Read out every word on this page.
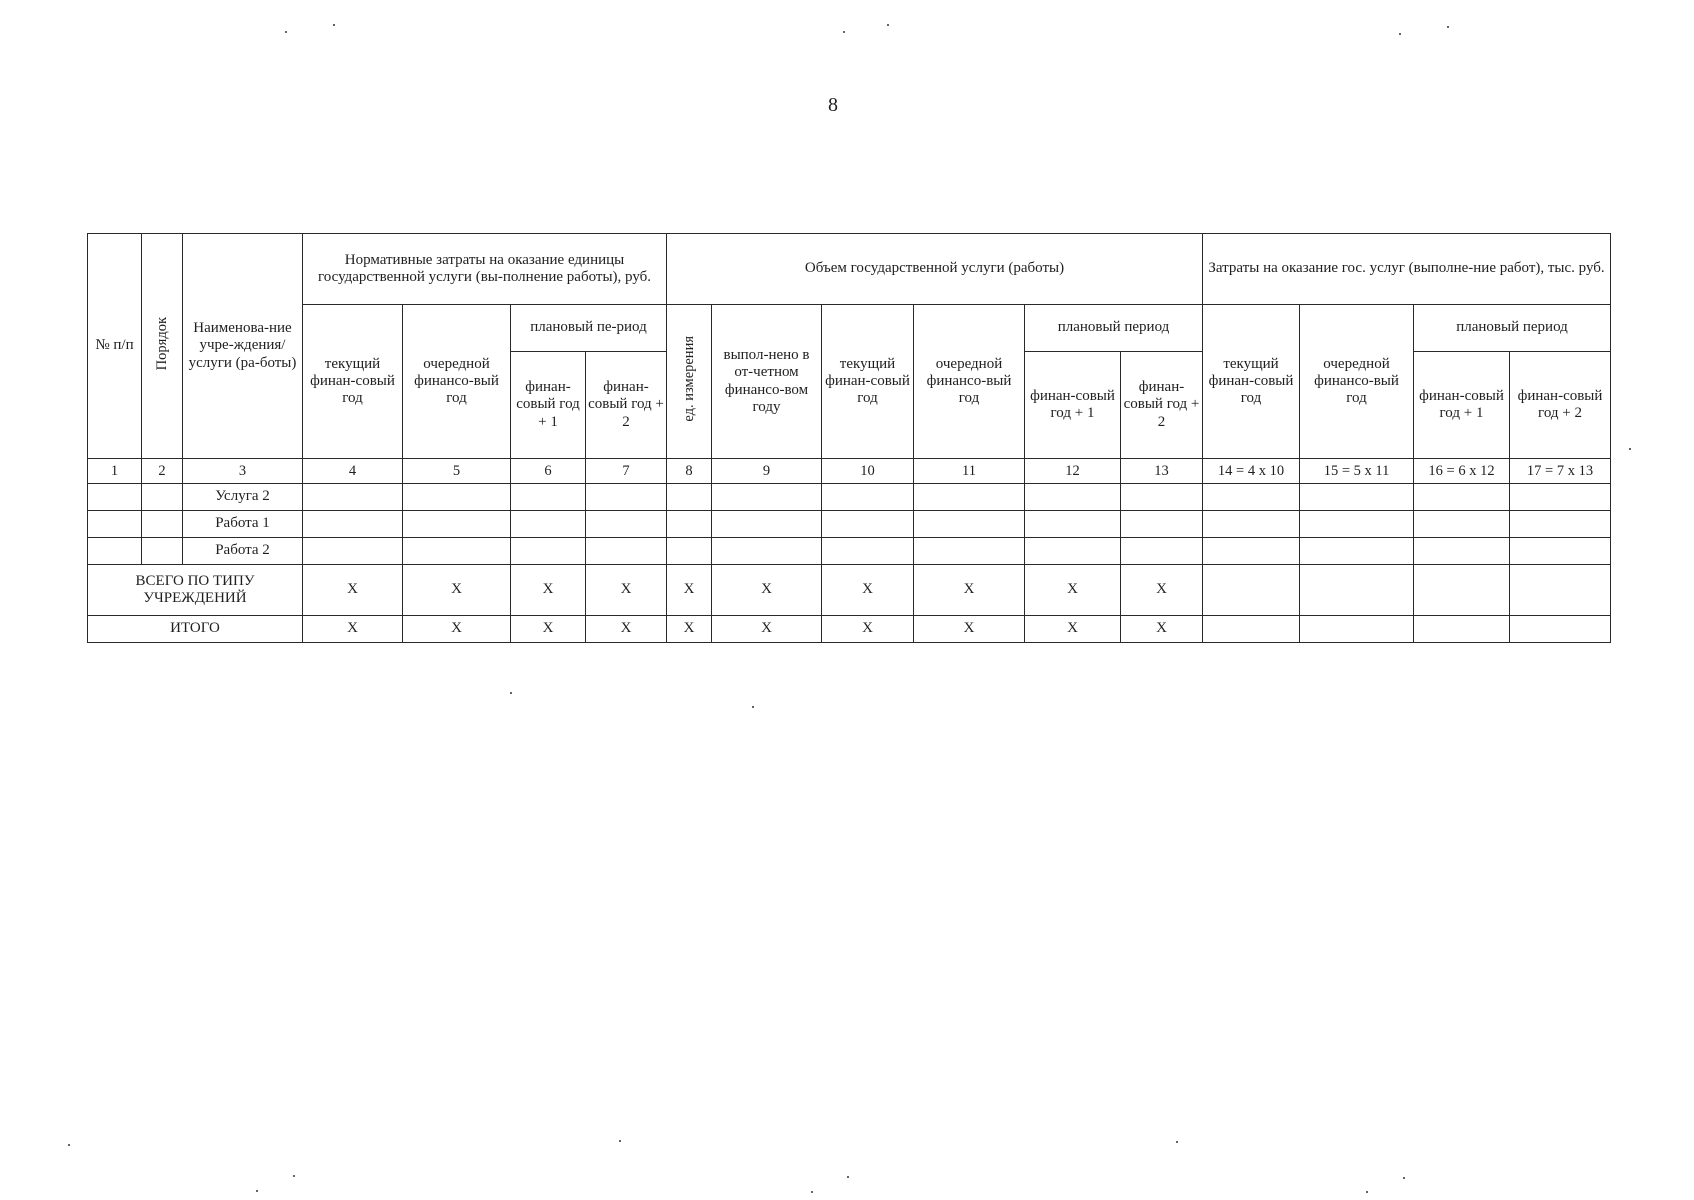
8
№ п/п	Порядок	Наименова-ние учре-ждения/ услуги (ра-боты)	Нормативные затраты на оказание единицы государственной услуги (вы-полнение работы), руб.				Объем государственной услуги (работы)						Затраты на оказание гос. услуг (выполне-ние работ), тыс. руб.			
			текущий финан-совый год	очередной финансо-вый год	плановый пе-риод		ед. измерения	выпол-нено в от-четном финансо-вом году	текущий финан-совый год	очередной финансо-вый год	плановый период		текущий финан-совый год	очередной финансо-вый год	плановый период	
					финан-совый год + 1	финан-совый год + 2					финан-совый год + 1	финан-совый год + 2			финан-совый год + 1	финан-совый год + 2
1	2	3	4	5	6	7	8	9	10	11	12	13	14 = 4 х 10	15 = 5 х 11	16 = 6 х 12	17 = 7 х 13
		Услуга 2														
		Работа 1														
		Работа 2														
ВСЕГО ПО ТИПУ УЧРЕЖДЕНИЙ			Х	Х	Х	Х	Х	Х	Х	Х	Х	Х				
ИТОГО			Х	Х	Х	Х	Х	Х	Х	Х	Х	Х				
